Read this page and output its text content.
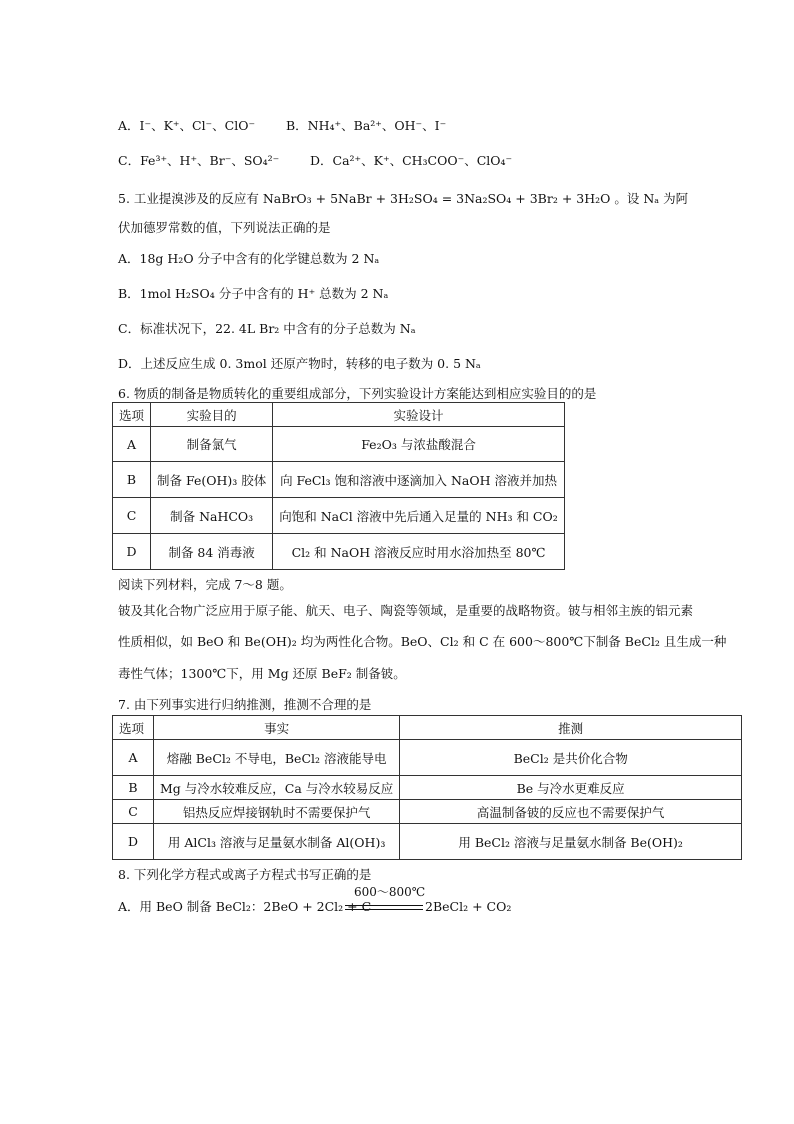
A．I⁻、K⁺、Cl⁻、ClO⁻ B．NH₄⁺、Ba²⁺、OH⁻、I⁻
C．Fe³⁺、H⁺、Br⁻、SO₄²⁻ D．Ca²⁺、K⁺、CH₃COO⁻、ClO₄⁻
5. 工业提溴涉及的反应有 NaBrO₃ + 5NaBr + 3H₂SO₄ = 3Na₂SO₄ + 3Br₂ + 3H₂O 。设 Nₐ 为阿
伏加德罗常数的值，下列说法正确的是
A．18g H₂O 分子中含有的化学键总数为 2 Nₐ
B．1mol H₂SO₄ 分子中含有的 H⁺ 总数为 2 Nₐ
C．标准状况下，22. 4L Br₂ 中含有的分子总数为 Nₐ
D．上述反应生成 0. 3mol 还原产物时，转移的电子数为 0. 5 Nₐ
6. 物质的制备是物质转化的重要组成部分，下列实验设计方案能达到相应实验目的的是
选项	实验目的	实验设计
A	制备氯气	Fe₂O₃ 与浓盐酸混合
B	制备 Fe(OH)₃ 胶体	向 FeCl₃ 饱和溶液中逐滴加入 NaOH 溶液并加热
C	制备 NaHCO₃	向饱和 NaCl 溶液中先后通入足量的 NH₃ 和 CO₂
D	制备 84 消毒液	Cl₂ 和 NaOH 溶液反应时用水浴加热至 80℃
阅读下列材料，完成 7～8 题。
铍及其化合物广泛应用于原子能、航天、电子、陶瓷等领域，是重要的战略物资。铍与相邻主族的铝元素
性质相似，如 BeO 和 Be(OH)₂ 均为两性化合物。BeO、Cl₂ 和 C 在 600～800℃下制备 BeCl₂ 且生成一种
毒性气体；1300℃下，用 Mg 还原 BeF₂ 制备铍。
7. 由下列事实进行归纳推测，推测不合理的是
选项	事实	推测
A	熔融 BeCl₂ 不导电，BeCl₂ 溶液能导电	BeCl₂ 是共价化合物
B	Mg 与冷水较难反应，Ca 与冷水较易反应	Be 与冷水更难反应
C	铝热反应焊接钢轨时不需要保护气	高温制备铍的反应也不需要保护气
D	用 AlCl₃ 溶液与足量氨水制备 Al(OH)₃	用 BeCl₂ 溶液与足量氨水制备 Be(OH)₂
8. 下列化学方程式或离子方程式书写正确的是
A．用 BeO 制备 BeCl₂：2BeO + 2Cl₂ + C
600～800℃
2BeCl₂ + CO₂
